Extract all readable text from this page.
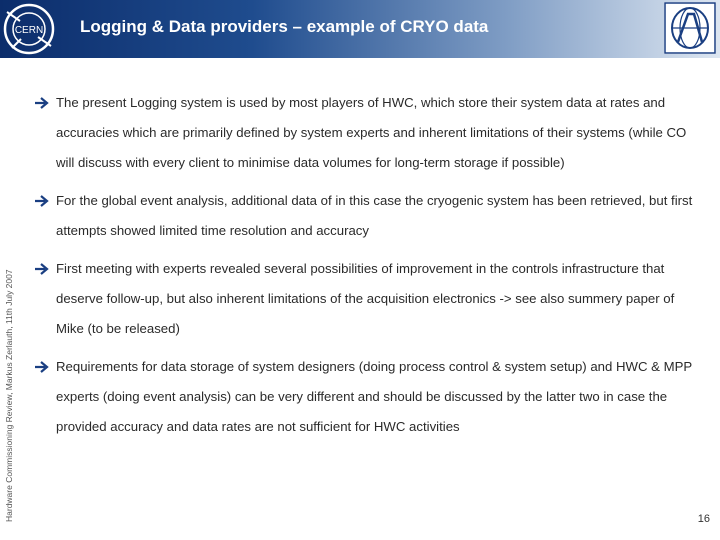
CERN Logging & Data providers – example of CRYO data
Hardware Commissioning Review, Markus Zerlauth, 11th July 2007
The present Logging system is used by most players of HWC, which store their system data at rates and accuracies which are primarily defined by system experts and inherent limitations of their systems (while CO will discuss with every client to minimise data volumes for long-term storage if possible)
For the global event analysis, additional data of in this case the cryogenic system has been retrieved, but first attempts showed limited time resolution and accuracy
First meeting with experts revealed several possibilities of improvement in the controls infrastructure that deserve follow-up, but also inherent limitations of the acquisition electronics -> see also summery paper of Mike (to be released)
Requirements for data storage of system designers (doing process control & system setup) and HWC & MPP experts (doing event analysis) can be very different and should be discussed by the latter two in case the provided accuracy and data rates are not sufficient for HWC activities
16
